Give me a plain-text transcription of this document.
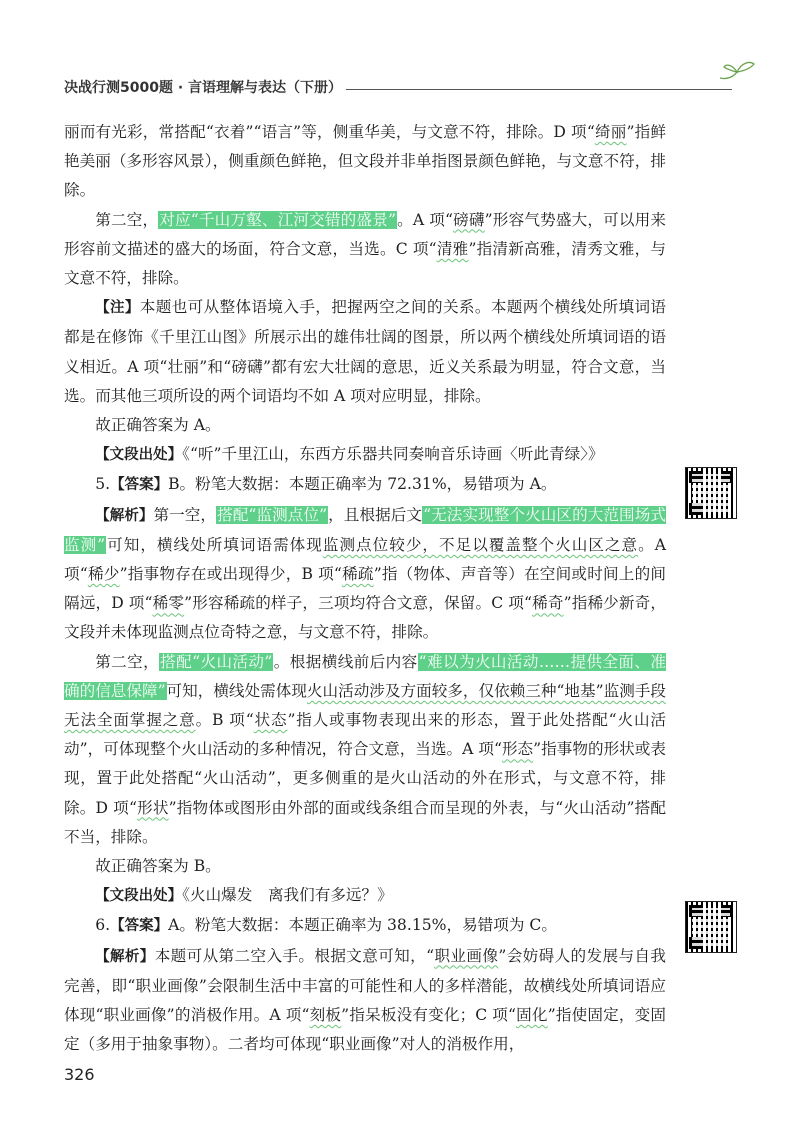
决战行测5000题 · 言语理解与表达（下册）

丽而有光彩，常搭配“衣着”“语言”等，侧重华美，与文意不符，排除。D 项“绮丽”指鲜艳美丽（多形容风景），侧重颜色鲜艳，但文段并非单指图景颜色鲜艳，与文意不符，排除。

第二空，对应“千山万壑、江河交错的盛景”。A 项“磅礴”形容气势盛大，可以用来形容前文描述的盛大的场面，符合文意，当选。C 项“清雅”指清新高雅，清秀文雅，与文意不符，排除。

【注】本题也可从整体语境入手，把握两空之间的关系。本题两个横线处所填词语都是在修饰《千里江山图》所展示出的雄伟壮阔的图景，所以两个横线处所填词语的语义相近。A 项“壮丽”和“磅礴”都有宏大壮阔的意思，近义关系最为明显，符合文意，当选。而其他三项所设的两个词语均不如 A 项对应明显，排除。

故正确答案为 A。

【文段出处】《“听”千里江山，东西方乐器共同奏响音乐诗画〈听此青绿〉》

5.【答案】B。粉笔大数据：本题正确率为 72.31%，易错项为 A。

【解析】第一空，搭配“监测点位”，且根据后文“无法实现整个火山区的大范围场式监测”可知，横线处所填词语需体现监测点位较少，不足以覆盖整个火山区之意。A 项“稀少”指事物存在或出现得少，B 项“稀疏”指（物体、声音等）在空间或时间上的间隔远，D 项“稀零”形容稀疏的样子，三项均符合文意，保留。C 项“稀奇”指稀少新奇，文段并未体现监测点位奇特之意，与文意不符，排除。

第二空，搭配“火山活动”。根据横线前后内容“难以为火山活动……提供全面、准确的信息保障”可知，横线处需体现火山活动涉及方面较多，仅依赖三种“地基”监测手段无法全面掌握之意。B 项“状态”指人或事物表现出来的形态，置于此处搭配“火山活动”，可体现整个火山活动的多种情况，符合文意，当选。A 项“形态”指事物的形状或表现，置于此处搭配“火山活动”，更多侧重的是火山活动的外在形式，与文意不符，排除。D 项“形状”指物体或图形由外部的面或线条组合而呈现的外表，与“火山活动”搭配不当，排除。

故正确答案为 B。

【文段出处】《火山爆发　离我们有多远？》

6.【答案】A。粉笔大数据：本题正确率为 38.15%，易错项为 C。

【解析】本题可从第二空入手。根据文意可知，“职业画像”会妨碍人的发展与自我完善，即“职业画像”会限制生活中丰富的可能性和人的多样潜能，故横线处所填词语应体现“职业画像”的消极作用。A 项“刻板”指呆板没有变化；C 项“固化”指使固定，变固定（多用于抽象事物）。二者均可体现“职业画像”对人的消极作用，

326
